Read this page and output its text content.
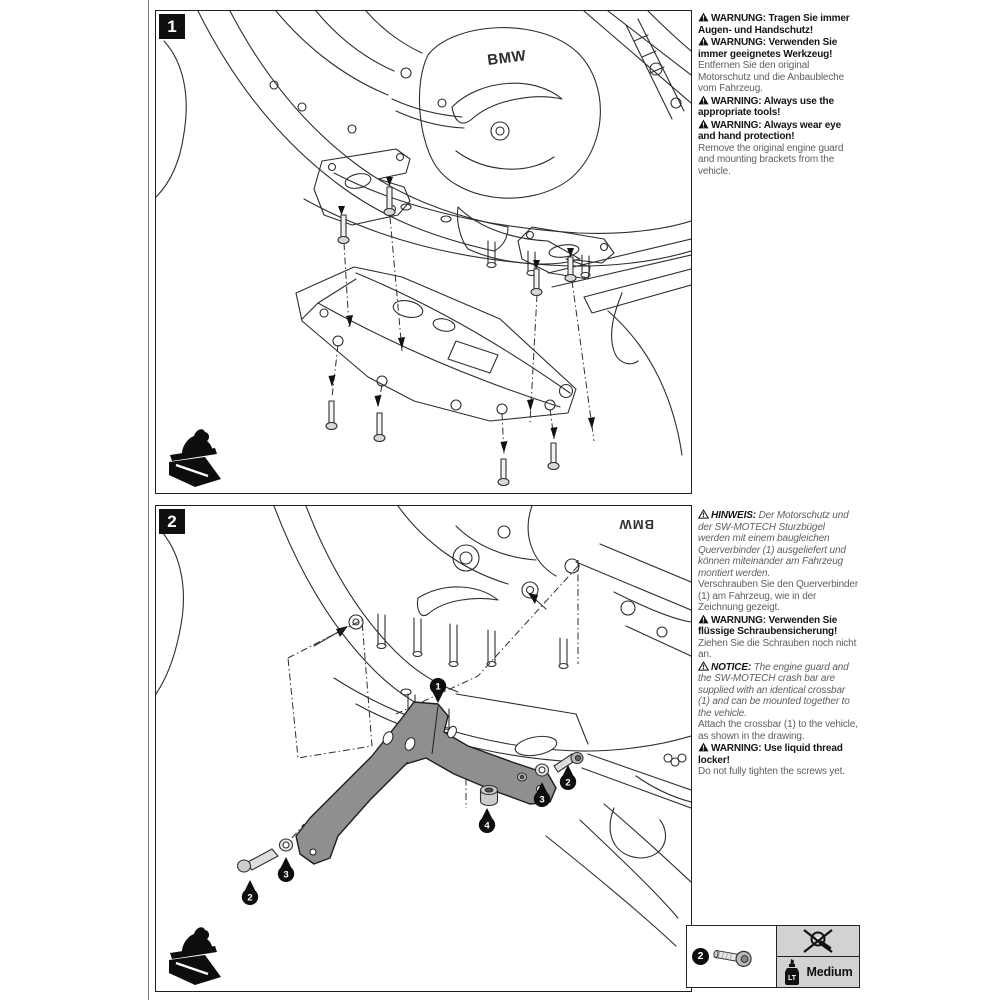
1
BMW
2
1
2
3
4
2
3
BMW

WARNUNG: Tragen Sie immer Augen- und Handschutz!

WARNUNG: Verwenden Sie immer geeignetes Werkzeug!

Entfernen Sie den original Motorschutz und die Anbaubleche vom Fahrzeug.

WARNING: Always use the appropriate tools!

WARNING: Always wear eye and hand protection!

Remove the original engine guard and mounting brackets from the vehicle.

HINWEIS: Der Motorschutz und der SW-MOTECH Sturzbügel werden mit einem baugleichen Querverbinder (1) ausgeliefert und können miteinander am Fahrzeug montiert werden.

Verschrauben Sie den Querverbinder (1) am Fahrzeug, wie in der Zeichnung gezeigt.

WARNUNG: Verwenden Sie flüssige Schraubensicherung!

Ziehen Sie die Schrauben noch nicht an.

NOTICE: The engine guard and the SW-MOTECH crash bar are supplied with an identical crossbar (1) and can be mounted together to the vehicle.

Attach the crossbar (1) to the vehicle, as shown in the drawing.

WARNING: Use liquid thread locker!

Do not fully tighten the screws yet.

2
LT Medium
